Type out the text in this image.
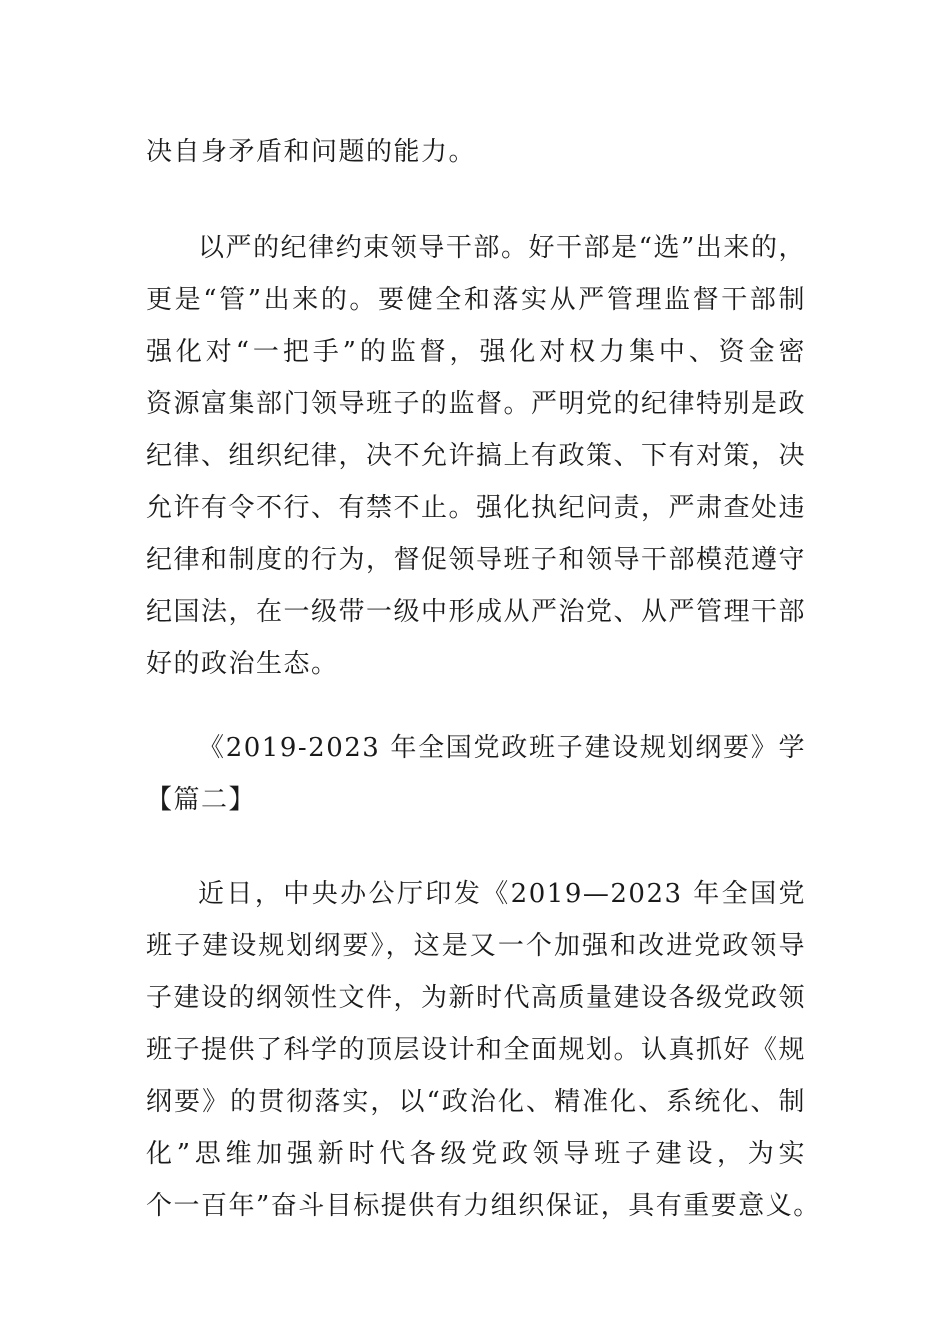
决自身矛盾和问题的能力。
以严的纪律约束领导干部。好干部是“选”出来的，
更是“管”出来的。要健全和落实从严管理监督干部制
强化对“一把手”的监督，强化对权力集中、资金密
资源富集部门领导班子的监督。严明党的纪律特别是政
纪律、组织纪律，决不允许搞上有政策、下有对策，决
允许有令不行、有禁不止。强化执纪问责，严肃查处违
纪律和制度的行为，督促领导班子和领导干部模范遵守
纪国法，在一级带一级中形成从严治党、从严管理干部
好的政治生态。
《2019-2023 年全国党政班子建设规划纲要》学
【篇二】
近日，中央办公厅印发《2019—2023 年全国党
班子建设规划纲要》，这是又一个加强和改进党政领导
子建设的纲领性文件，为新时代高质量建设各级党政领
班子提供了科学的顶层设计和全面规划。认真抓好《规
纲要》的贯彻落实，以“政治化、精准化、系统化、制
化”思维加强新时代各级党政领导班子建设，为实
个一百年”奋斗目标提供有力组织保证，具有重要意义。
